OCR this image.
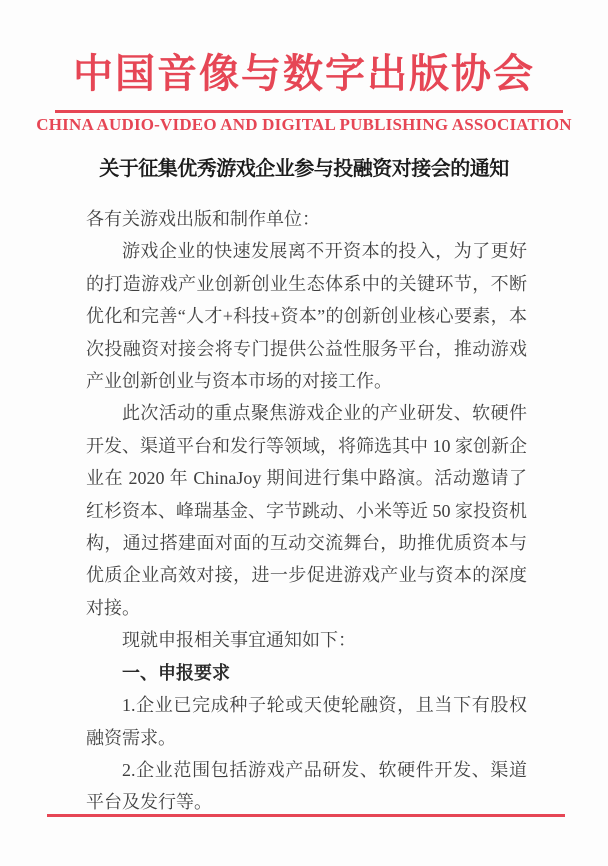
中国音像与数字出版协会
CHINA AUDIO-VIDEO AND DIGITAL PUBLISHING ASSOCIATION
关于征集优秀游戏企业参与投融资对接会的通知

各有关游戏出版和制作单位：

游戏企业的快速发展离不开资本的投入，为了更好的打造游戏产业创新创业生态体系中的关键环节，不断优化和完善“人才+科技+资本”的创新创业核心要素，本次投融资对接会将专门提供公益性服务平台，推动游戏产业创新创业与资本市场的对接工作。

此次活动的重点聚焦游戏企业的产业研发、软硬件开发、渠道平台和发行等领域，将筛选其中 10 家创新企业在 2020 年 ChinaJoy 期间进行集中路演。活动邀请了红杉资本、峰瑞基金、字节跳动、小米等近 50 家投资机构，通过搭建面对面的互动交流舞台，助推优质资本与优质企业高效对接，进一步促进游戏产业与资本的深度对接。

现就申报相关事宜通知如下：

一、申报要求

1.企业已完成种子轮或天使轮融资，且当下有股权融资需求。

2.企业范围包括游戏产品研发、软硬件开发、渠道平台及发行等。
